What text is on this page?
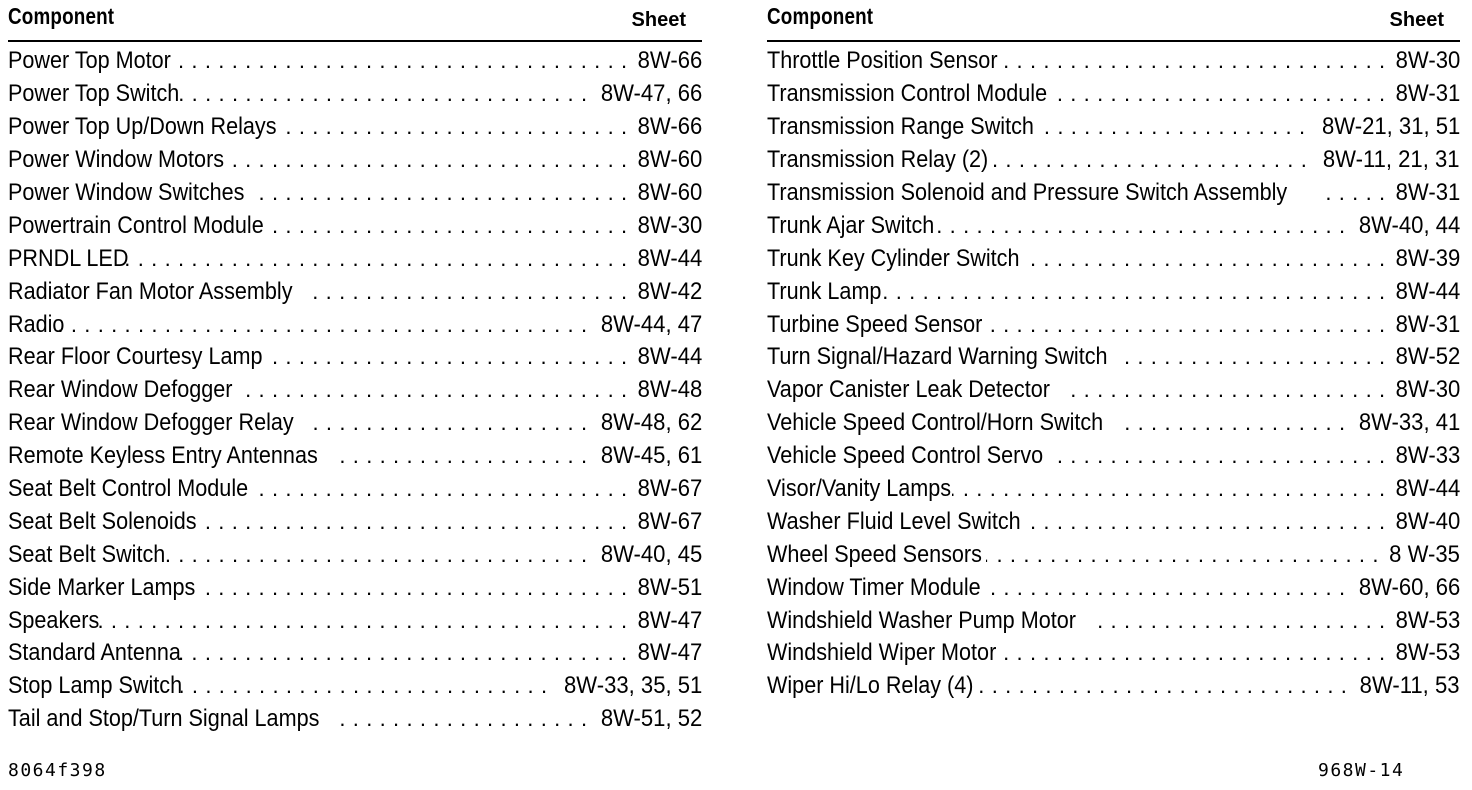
Component	Sheet
Power Top Motor . . .	8W-66
Power Top Switch . . .	8W-47, 66
Power Top Up/Down Relays . . .	8W-66
Power Window Motors . . .	8W-60
Power Window Switches . . .	8W-60
Powertrain Control Module . . .	8W-30
PRNDL LED . . .	8W-44
Radiator Fan Motor Assembly . . .	8W-42
Radio . . .	8W-44, 47
Rear Floor Courtesy Lamp . . .	8W-44
Rear Window Defogger . . .	8W-48
Rear Window Defogger Relay . . .	8W-48, 62
Remote Keyless Entry Antennas . . .	8W-45, 61
Seat Belt Control Module . . .	8W-67
Seat Belt Solenoids . . .	8W-67
Seat Belt Switch . . .	8W-40, 45
Side Marker Lamps . . .	8W-51
Speakers . . .	8W-47
Standard Antenna . . .	8W-47
Stop Lamp Switch . . .	8W-33, 35, 51
Tail and Stop/Turn Signal Lamps . . .	8W-51, 52
Component	Sheet
Throttle Position Sensor . . .	8W-30
Transmission Control Module . . .	8W-31
Transmission Range Switch . . .	8W-21, 31, 51
Transmission Relay (2) . . .	8W-11, 21, 31
Transmission Solenoid and Pressure Switch Assembly . . .	8W-31
Trunk Ajar Switch . . .	8W-40, 44
Trunk Key Cylinder Switch . . .	8W-39
Trunk Lamp . . .	8W-44
Turbine Speed Sensor . . .	8W-31
Turn Signal/Hazard Warning Switch . . .	8W-52
Vapor Canister Leak Detector . . .	8W-30
Vehicle Speed Control/Horn Switch . . .	8W-33, 41
Vehicle Speed Control Servo . . .	8W-33
Visor/Vanity Lamps . . .	8W-44
Washer Fluid Level Switch . . .	8W-40
Wheel Speed Sensors . . .	8 W-35
Window Timer Module . . .	8W-60, 66
Windshield Washer Pump Motor . . .	8W-53
Windshield Wiper Motor . . .	8W-53
Wiper Hi/Lo Relay (4) . . .	8W-11, 53
8064f398	968W-14
